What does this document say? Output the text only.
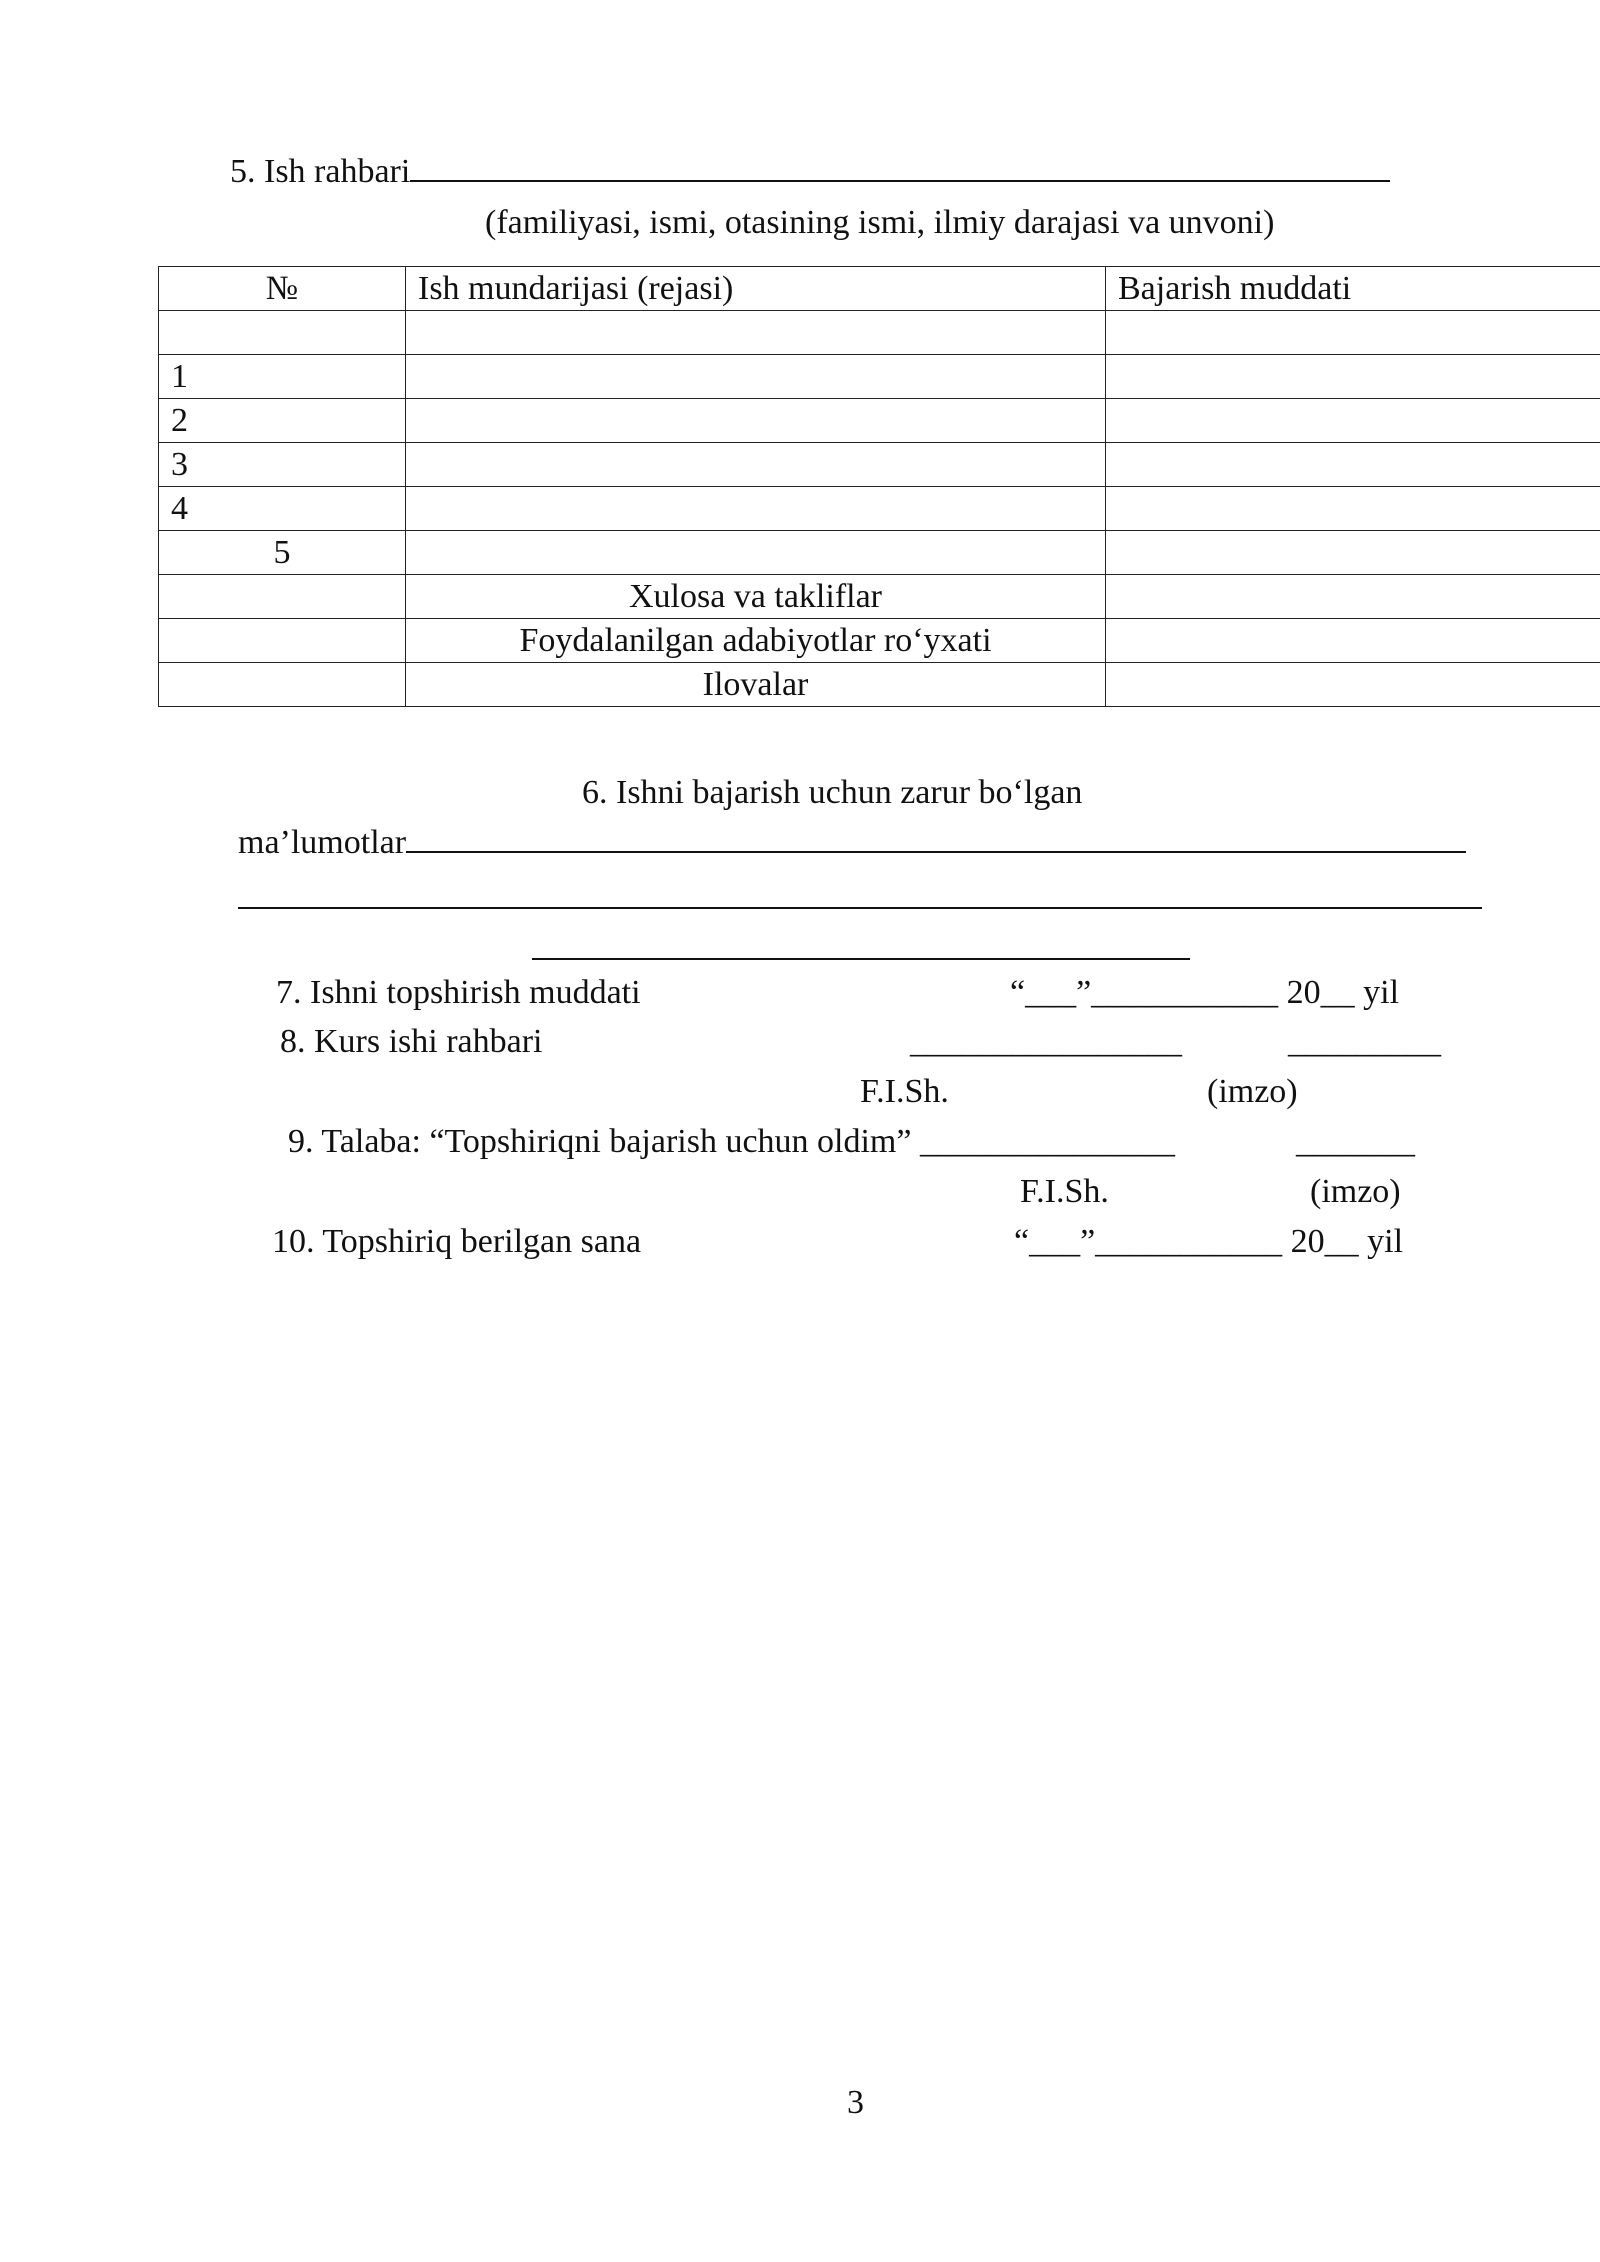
5. Ish rahbari
(familiyasi, ismi, otasining ismi, ilmiy darajasi va unvoni)
№	Ish mundarijasi (rejasi)	Bajarish muddati

1		
2		
3		
4		
5		
	Xulosa va takliflar	
	Foydalanilgan adabiyotlar ro‘yxati	
	Ilovalar	
6. Ishni bajarish uchun zarur bo‘lgan
ma’lumotlar
7. Ishni topshirish muddati	“___”___________ 20__ yil
8. Kurs ishi rahbari	________________	_________
F.I.Sh.	(imzo)
9. Talaba: “Topshiriqni bajarish uchun oldim” _______________	_______
F.I.Sh.	(imzo)
10. Topshiriq berilgan sana	“___”___________ 20__ yil
3
